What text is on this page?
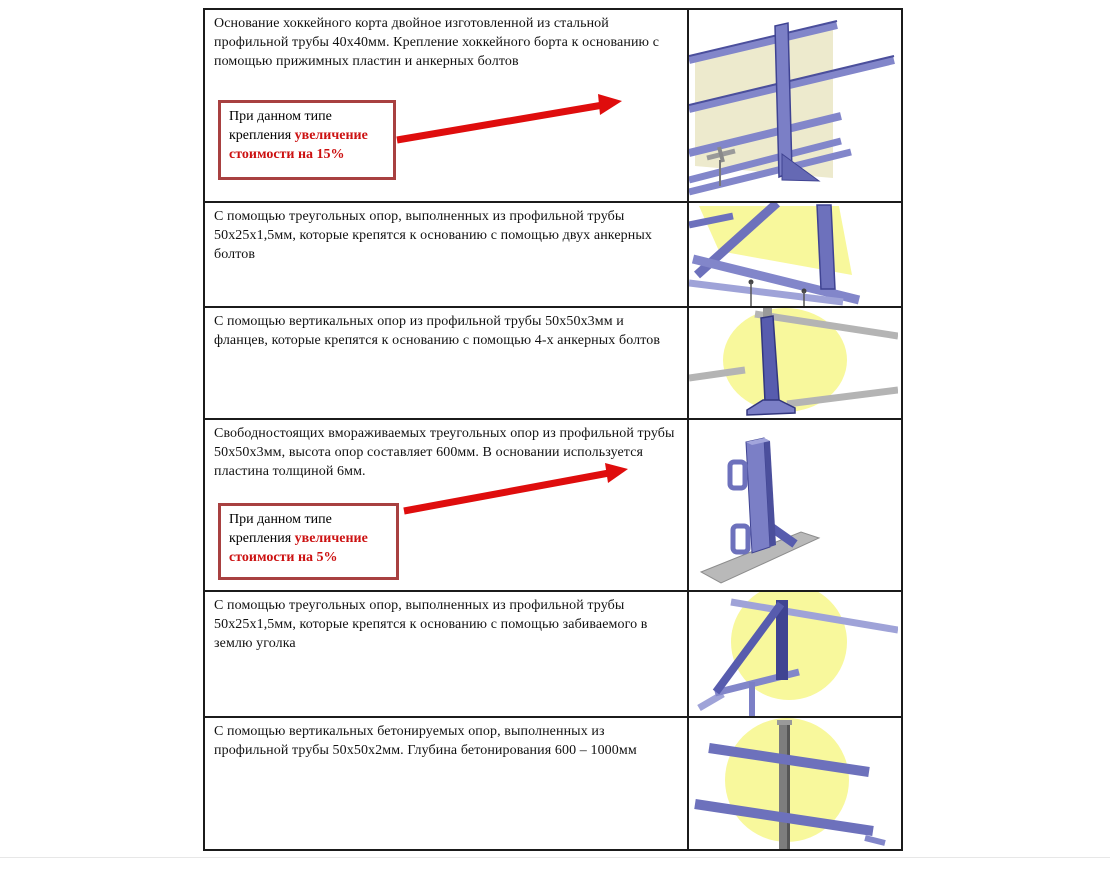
Основание хоккейного корта двойное изготовленной из стальной профильной трубы 40х40мм. Крепление хоккейного борта к основанию с помощью прижимных пластин и анкерных болтов

При данном типе крепления увеличение стоимости на 15%

С помощью треугольных опор, выполненных из профильной трубы 50х25х1,5мм, которые крепятся к основанию с помощью двух анкерных болтов

С помощью вертикальных опор из профильной трубы 50х50х3мм и фланцев, которые крепятся к основанию с помощью 4-х анкерных болтов

Свободностоящих вмораживаемых треугольных опор из профильной трубы 50х50х3мм, высота опор составляет 600мм. В основании используется пластина толщиной 6мм.

При данном типе крепления увеличение стоимости на 5%

С помощью треугольных опор, выполненных из профильной трубы 50х25х1,5мм, которые крепятся к основанию с помощью забиваемого в землю уголка

С помощью вертикальных бетонируемых опор, выполненных из профильной трубы 50х50х2мм. Глубина бетонирования 600 – 1000мм
